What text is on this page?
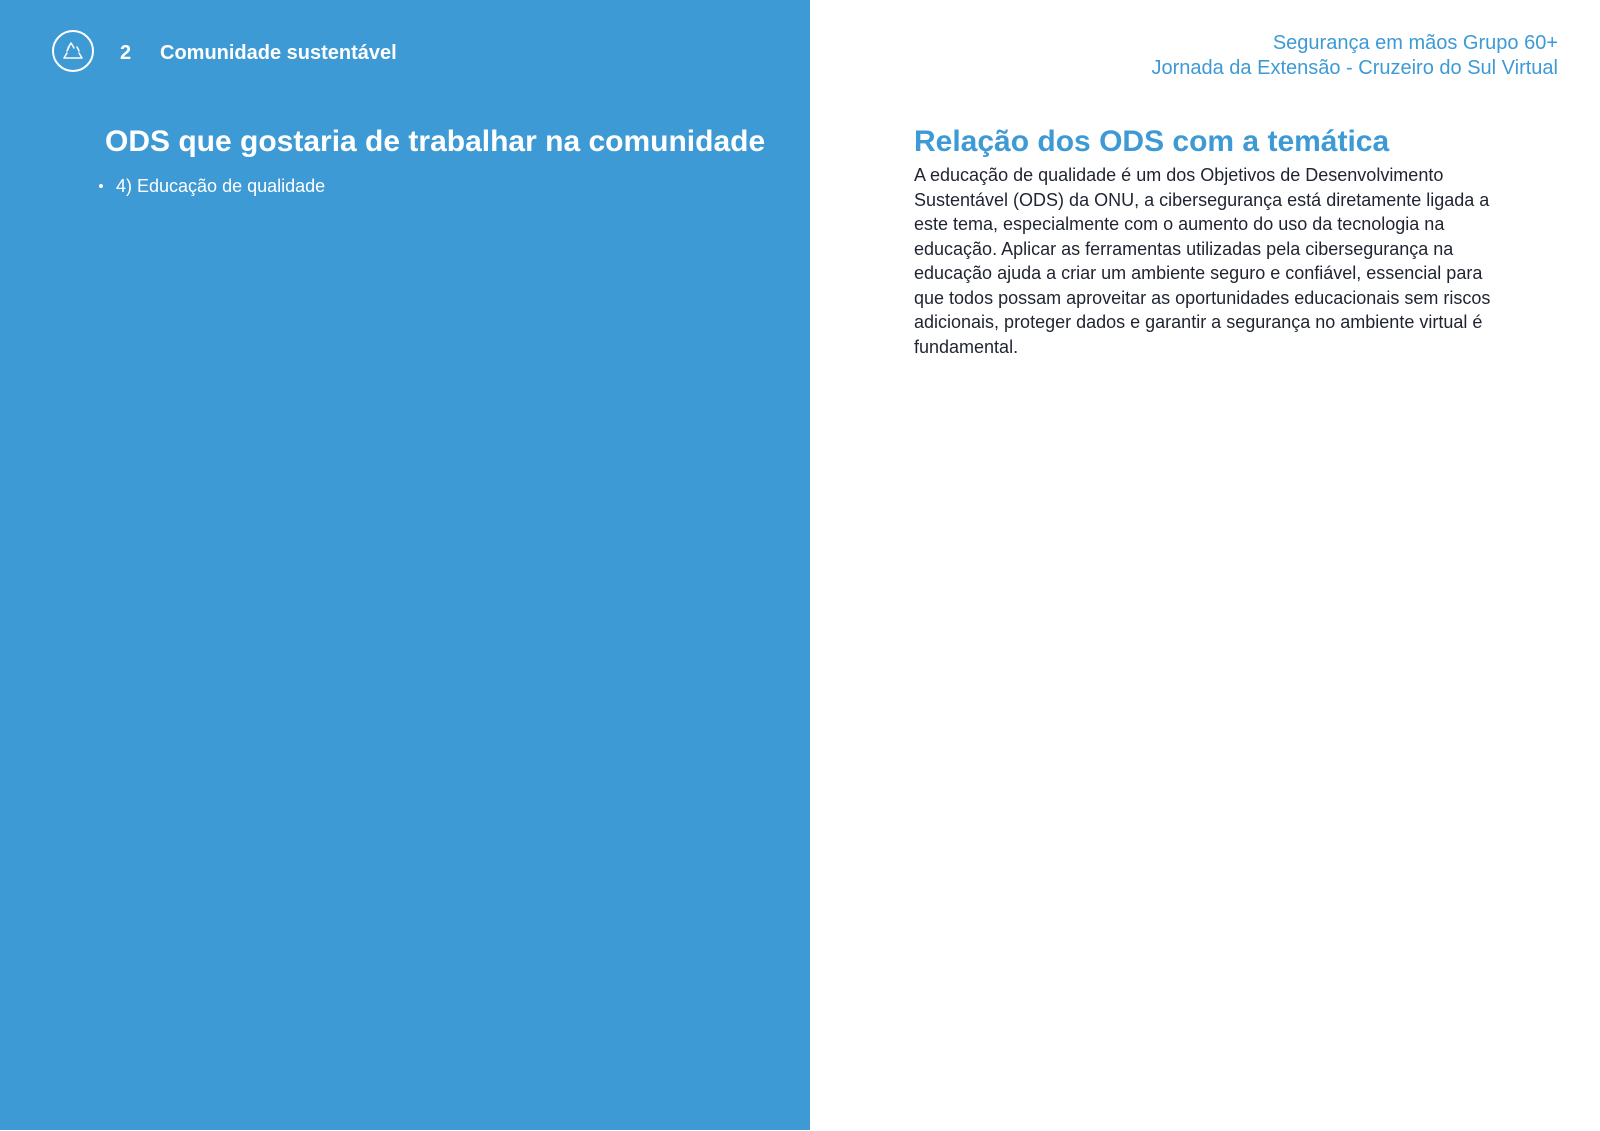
2 Comunidade sustentável
ODS que gostaria de trabalhar na comunidade
4) Educação de qualidade
Segurança em mãos Grupo 60+
Jornada da Extensão - Cruzeiro do Sul Virtual
Relação dos ODS com a temática

A educação de qualidade é um dos Objetivos de Desenvolvimento Sustentável (ODS) da ONU, a cibersegurança está diretamente ligada a este tema, especialmente com o aumento do uso da tecnologia na educação. Aplicar as ferramentas utilizadas pela cibersegurança na educação ajuda a criar um ambiente seguro e confiável, essencial para que todos possam aproveitar as oportunidades educacionais sem riscos adicionais, proteger dados e garantir a segurança no ambiente virtual é fundamental.
